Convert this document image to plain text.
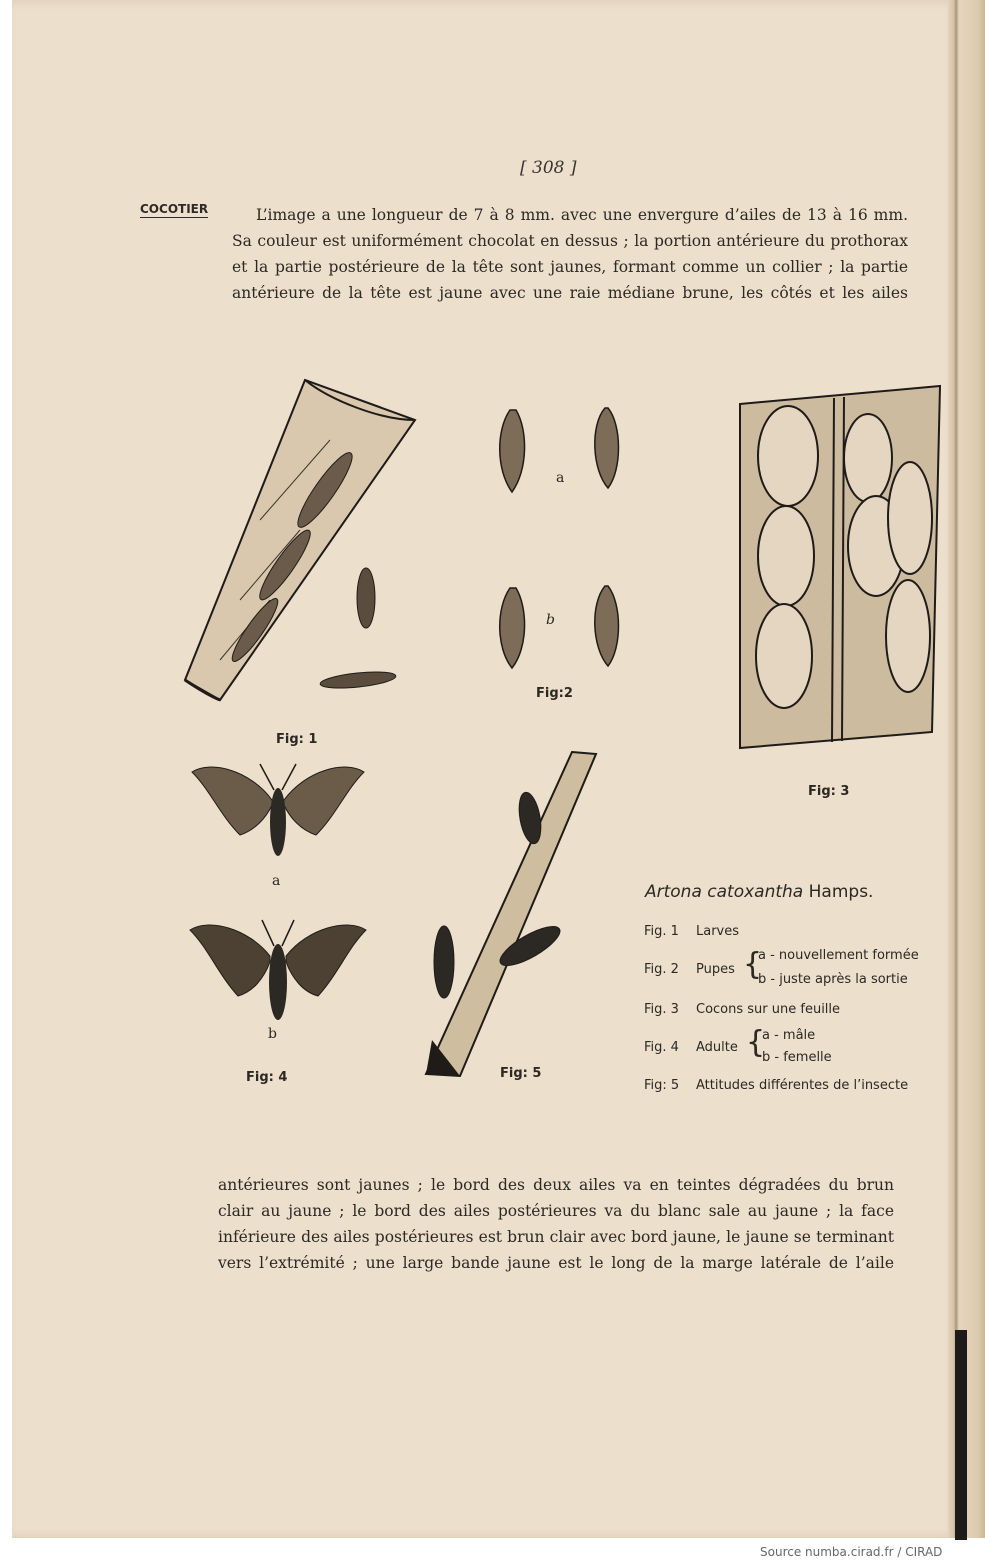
[ 308 ]

COCOTIER	L’image a une longueur de 7 à 8 mm. avec une envergure d’ailes de 13 à 16 mm.

Sa couleur est uniformément chocolat en dessus ; la portion antérieure du prothorax

et la partie postérieure de la tête sont jaunes, formant comme un collier ; la partie

antérieure de la tête est jaune avec une raie médiane brune, les côtés et les ailes

Fig: 1

a

b

Fig:2

Fig: 3

a

b

Fig: 4	Fig: 5

Artona catoxantha Hamps.

Fig. 1 Larves

Fig. 2 Pupes {

a - nouvellement formée

b - juste après la sortie

Fig. 3 Cocons sur une feuille

Fig. 4 Adulte {

a - mâle

b - femelle

Fig: 5 Attitudes différentes de l’insecte

antérieures sont jaunes ; le bord des deux ailes va en teintes dégradées du brun

clair au jaune ; le bord des ailes postérieures va du blanc sale au jaune ; la face

inférieure des ailes postérieures est brun clair avec bord jaune, le jaune se terminant

vers l’extrémité ; une large bande jaune est le long de la marge latérale de l’aile

Source numba.cirad.fr / CIRAD
